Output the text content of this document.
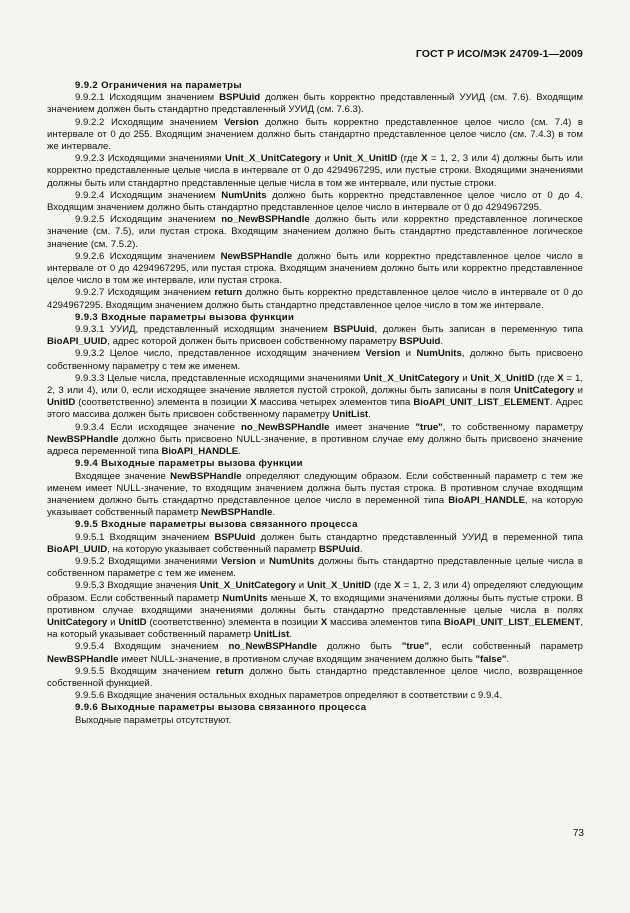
ГОСТ Р ИСО/МЭК 24709-1—2009

9.9.2 Ограничения на параметры

9.9.2.1 Исходящим значением BSPUuid должен быть корректно представленный УУИД (см. 7.6). Входящим значением должен быть стандартно представленный УУИД (см. 7.6.3).

9.9.2.2 Исходящим значением Version должно быть корректно представленное целое число (см. 7.4) в интервале от 0 до 255. Входящим значением должно быть стандартно представленное целое число (см. 7.4.3) в том же интервале.

9.9.2.3 Исходящими значениями Unit_X_UnitCategory и Unit_X_UnitID (где X = 1, 2, 3 или 4) должны быть или корректно представленные целые числа в интервале от 0 до 4294967295, или пустые строки. Входящими значениями должны быть или стандартно представленные целые числа в том же интервале, или пустые строки.

9.9.2.4 Исходящим значением NumUnits должно быть корректно представленное целое число от 0 до 4. Входящим значением должно быть стандартно представленное целое число в интервале от 0 до 4294967295.

9.9.2.5 Исходящим значением no_NewBSPHandle должно быть или корректно представленное логическое значение (см. 7.5), или пустая строка. Входящим значением должно быть стандартно представленное логическое значение (см. 7.5.2).

9.9.2.6 Исходящим значением NewBSPHandle должно быть или корректно представленное целое число в интервале от 0 до 4294967295, или пустая строка. Входящим значением должно быть или корректно представленное целое число в том же интервале, или пустая строка.

9.9.2.7 Исходящим значением return должно быть корректно представленное целое число в интервале от 0 до 4294967295. Входящим значением должно быть стандартно представленное целое число в том же интервале.

9.9.3 Входные параметры вызова функции

9.9.3.1 УУИД, представленный исходящим значением BSPUuid, должен быть записан в переменную типа BioAPI_UUID, адрес которой должен быть присвоен собственному параметру BSPUuid.

9.9.3.2 Целое число, представленное исходящим значением Version и NumUnits, должно быть присвоено собственному параметру с тем же именем.

9.9.3.3 Целые числа, представленные исходящими значениями Unit_X_UnitCategory и Unit_X_UnitID (где X = 1, 2, 3 или 4), или 0, если исходящее значение является пустой строкой, должны быть записаны в поля UnitCategory и UnitID (соответственно) элемента в позиции X массива четырех элементов типа BioAPI_UNIT_LIST_ELEMENT. Адрес этого массива должен быть присвоен собственному параметру UnitList.

9.9.3.4 Если исходящее значение no_NewBSPHandle имеет значение "true", то собственному параметру NewBSPHandle должно быть присвоено NULL-значение, в противном случае ему должно быть присвоено значение адреса переменной типа BioAPI_HANDLE.

9.9.4 Выходные параметры вызова функции

Входящее значение NewBSPHandle определяют следующим образом. Если собственный параметр с тем же именем имеет NULL-значение, то входящим значением должна быть пустая строка. В противном случае входящим значением должно быть стандартно представленное целое число в переменной типа BioAPI_HANDLE, на которую указывает собственный параметр NewBSPHandle.

9.9.5 Входные параметры вызова связанного процесса

9.9.5.1 Входящим значением BSPUuid должен быть стандартно представленный УУИД в переменной типа BioAPI_UUID, на которую указывает собственный параметр BSPUuid.

9.9.5.2 Входящими значениями Version и NumUnits должны быть стандартно представленные целые числа в собственном параметре с тем же именем.

9.9.5.3 Входящие значения Unit_X_UnitCategory и Unit_X_UnitID (где X = 1, 2, 3 или 4) определяют следующим образом. Если собственный параметр NumUnits меньше X, то входящими значениями должны быть пустые строки. В противном случае входящими значениями должны быть стандартно представленные целые числа в полях UnitCategory и UnitID (соответственно) элемента в позиции X массива элементов типа BioAPI_UNIT_LIST_ELEMENT, на который указывает собственный параметр UnitList.

9.9.5.4 Входящим значением no_NewBSPHandle должно быть "true", если собственный параметр NewBSPHandle имеет NULL-значение, в противном случае входящим значением должно быть "false".

9.9.5.5 Входящим значением return должно быть стандартно представленное целое число, возвращенное собственной функцией.

9.9.5.6 Входящие значения остальных входных параметров определяют в соответствии с 9.9.4.

9.9.6 Выходные параметры вызова связанного процесса

Выходные параметры отсутствуют.

73
